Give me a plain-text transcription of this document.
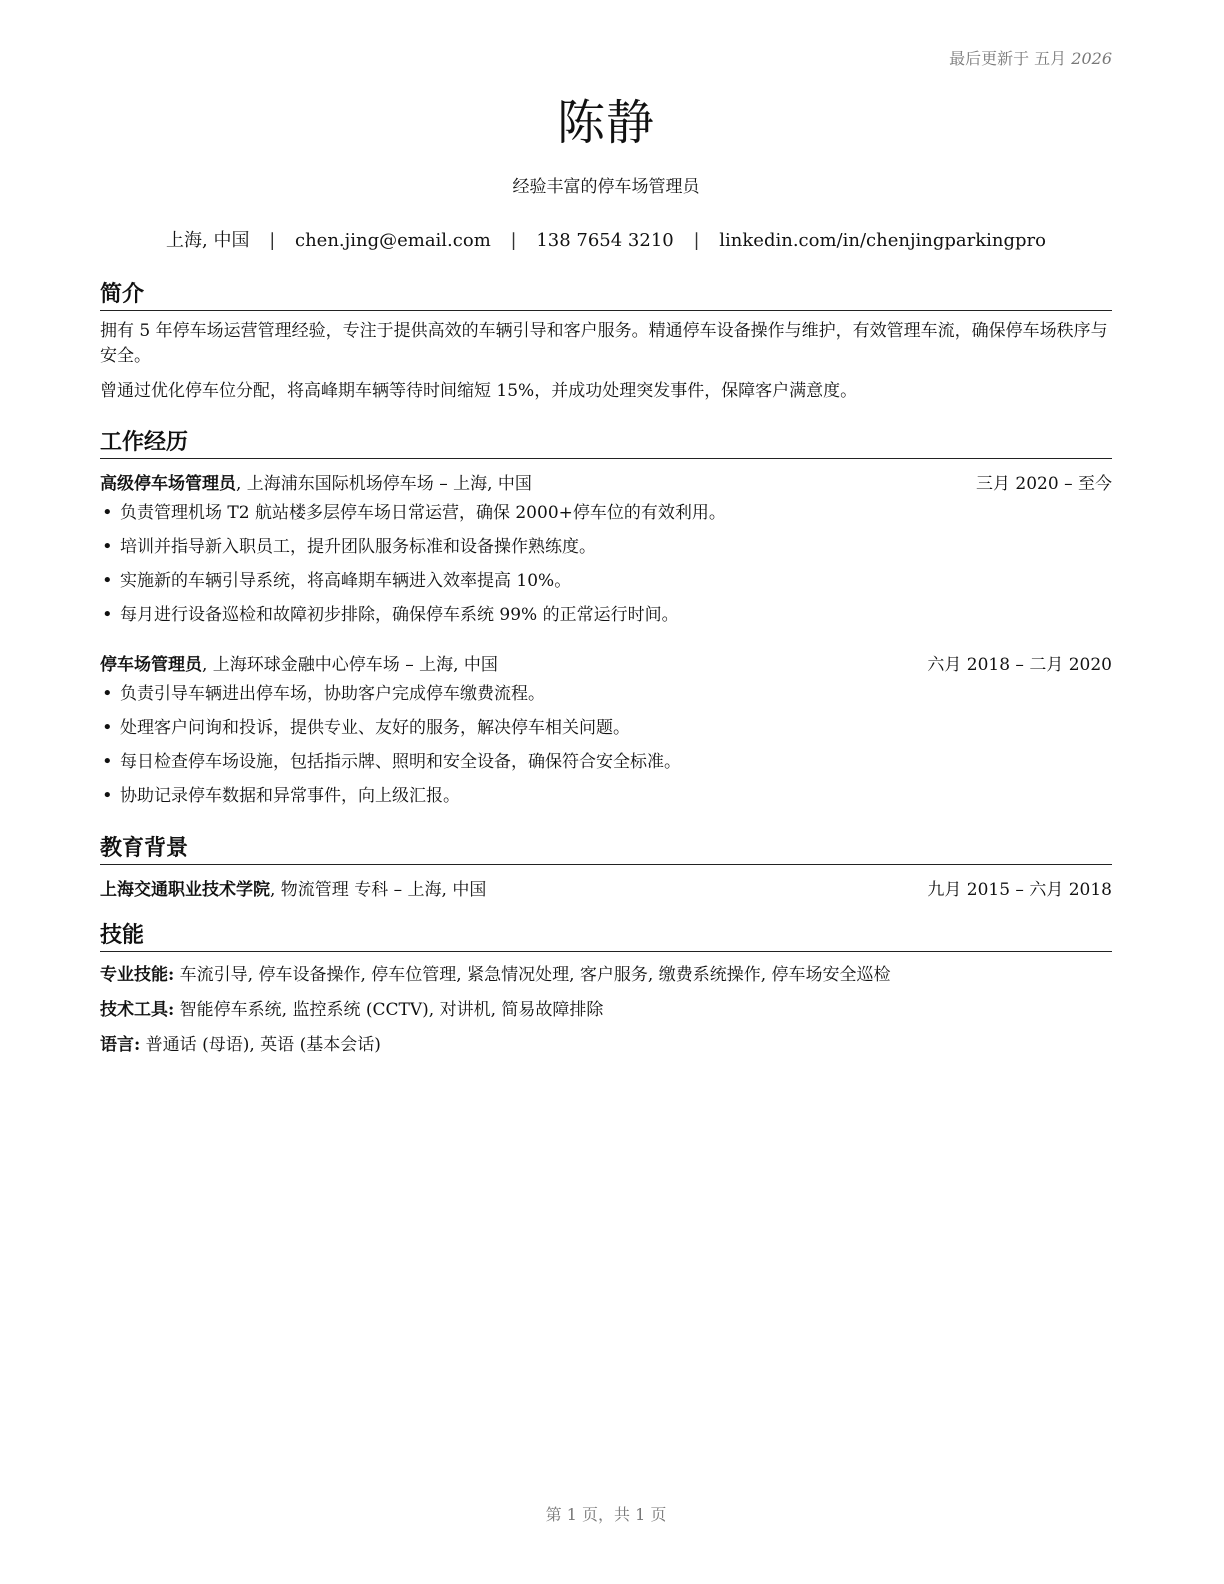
最后更新于 五月 2026
陈静
经验丰富的停车场管理员
上海, 中国 | chen.jing@email.com | 138 7654 3210 | linkedin.com/in/chenjingparkingpro
简介
拥有 5 年停车场运营管理经验，专注于提供高效的车辆引导和客户服务。精通停车设备操作与维护，有效管理车流，确保停车场秩序与安全。
曾通过优化停车位分配，将高峰期车辆等待时间缩短 15%，并成功处理突发事件，保障客户满意度。
工作经历
高级停车场管理员, 上海浦东国际机场停车场 – 上海, 中国	三月 2020 – 至今
• 负责管理机场 T2 航站楼多层停车场日常运营，确保 2000+停车位的有效利用。
• 培训并指导新入职员工，提升团队服务标准和设备操作熟练度。
• 实施新的车辆引导系统，将高峰期车辆进入效率提高 10%。
• 每月进行设备巡检和故障初步排除，确保停车系统 99% 的正常运行时间。
停车场管理员, 上海环球金融中心停车场 – 上海, 中国	六月 2018 – 二月 2020
• 负责引导车辆进出停车场，协助客户完成停车缴费流程。
• 处理客户问询和投诉，提供专业、友好的服务，解决停车相关问题。
• 每日检查停车场设施，包括指示牌、照明和安全设备，确保符合安全标准。
• 协助记录停车数据和异常事件，向上级汇报。
教育背景
上海交通职业技术学院, 物流管理 专科 – 上海, 中国	九月 2015 – 六月 2018
技能
专业技能: 车流引导, 停车设备操作, 停车位管理, 紧急情况处理, 客户服务, 缴费系统操作, 停车场安全巡检
技术工具: 智能停车系统, 监控系统 (CCTV), 对讲机, 简易故障排除
语言: 普通话 (母语), 英语 (基本会话)
第 1 页，共 1 页
